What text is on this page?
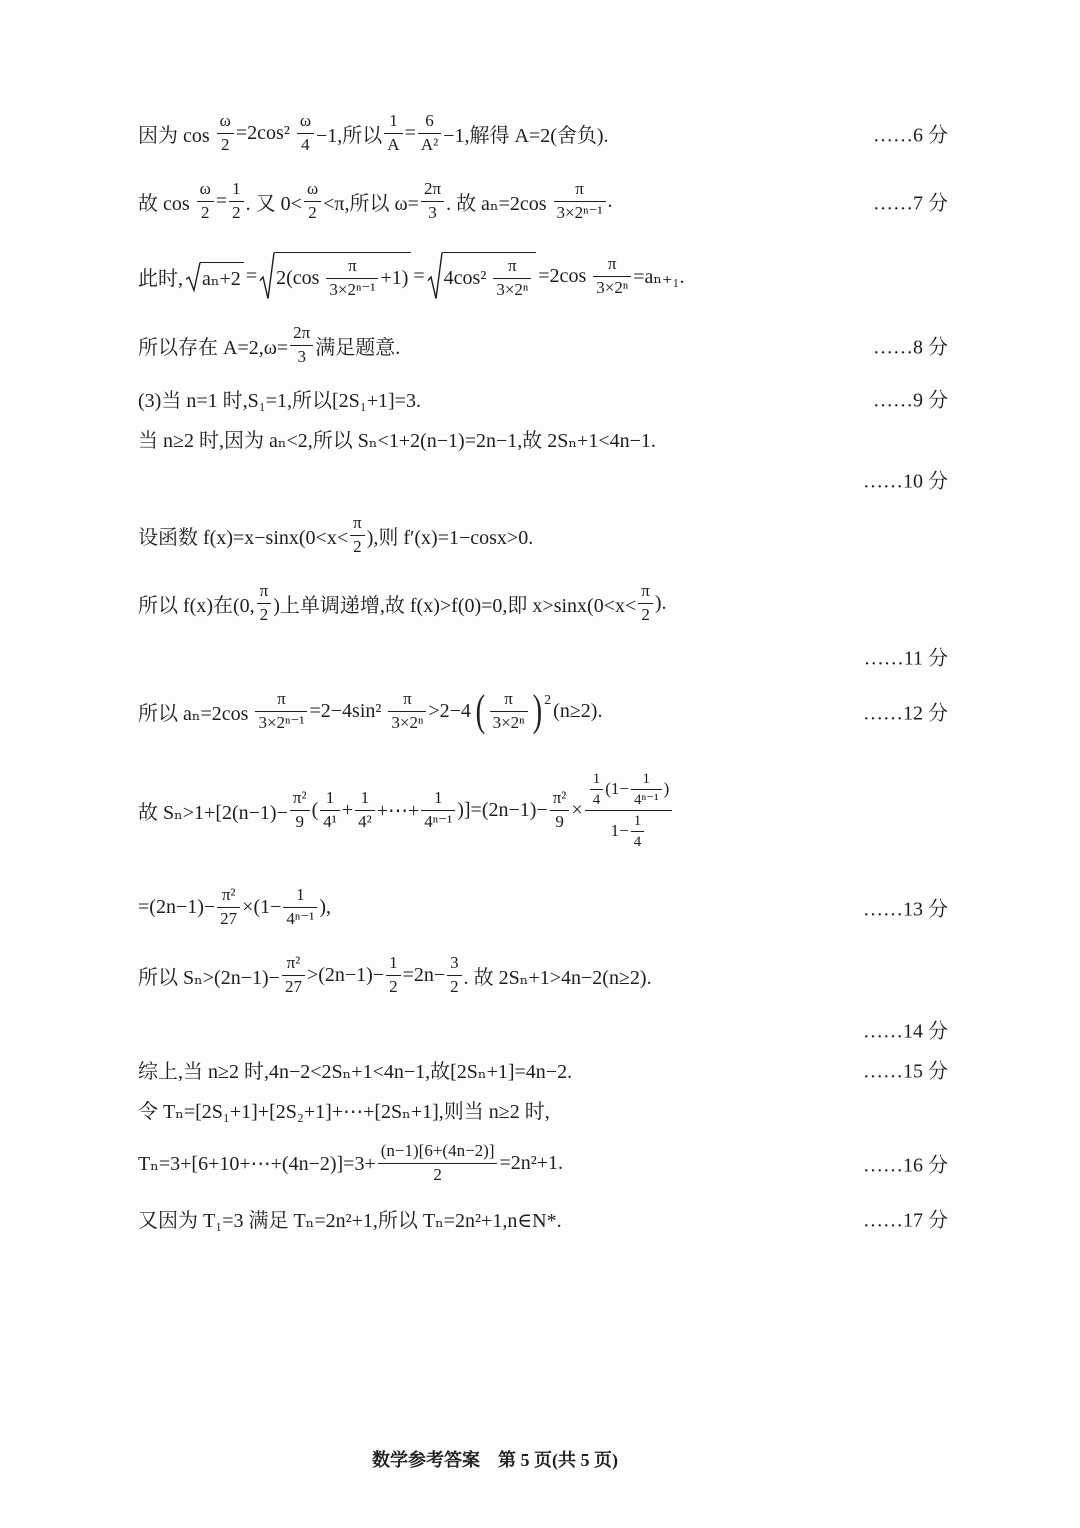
因为 $\cos \frac{\omega}{2} =2\cos^2 \frac{\omega}{4} -1$,所以 $\frac{1}{A} = \frac{6}{\text{A²}} -1$,解得 A=2(舍负).	……6 分
故 $\cos \frac{\omega}{2} = \frac{1}{2}$ . 又 $0< \frac{\omega}{2} <\pi$,所以 $\omega= \frac{2\pi}{3}$ . 故 $a_n=2\cos \frac{\pi}{\text{3×2ⁿ⁻¹}}$ .	……7 分
此时, $a_n+2 = 2(\cos \frac{\pi}{\text{3×2ⁿ⁻¹}} +1) = 4\cos^2 \frac{\pi}{\text{3×2ⁿ}} =2\cos \frac{\pi}{\text{3×2ⁿ}} =a_{n+1}$.
所以存在 $A=2,\omega= \frac{2\pi}{3}$ 满足题意.	……8 分
(3)当 n=1 时,S₁=1,所以[2S₁+1]=3.	……9 分
当 n≥2 时,因为 aₙ<2,所以 Sₙ<1+2(n−1)=2n−1,故 2Sₙ+1<4n−1.
……10 分
设函数 $f(x)=x-\sin x(0<x< \frac{\pi}{2}$ ),则 f′(x)=1−cosx>0.
所以 f(x)在(0, $\frac{\pi}{2}$ )上单调递增,故 f(x)>f(0)=0,即 $x>\sin x(0<x< \frac{\pi}{2}$ ).
……11 分
所以 $a_n=2\cos \frac{\pi}{\text{3×2ⁿ⁻¹}} =2-4\sin^2 \frac{\pi}{\text{3×2ⁿ}} >2-4$ ( $\frac{\pi}{\text{3×2ⁿ}}$ ) 2 (n≥2).	……12 分
故 $S_n>1+[2(n-1)- \frac{\text{π²}}{9}$ ( $\frac{1}{\text{4¹}} + \frac{1}{\text{4²}}$ +⋯+ $\frac{1}{\text{4ⁿ⁻¹}} )]=(2n-1)- \frac{\text{π²}}{9} \times \frac{\frac{1}{4} (1- \frac{1}{\text{4ⁿ⁻¹}} )}{1- \frac{1}{4}}$
$=(2n-1)- \frac{\text{π²}}{27} \times(1- \frac{1}{\text{4ⁿ⁻¹}}$ ),	……13 分
所以 $S_n>(2n-1)- \frac{\text{π²}}{27} >(2n-1)- \frac{1}{2} =2n- \frac{3}{2}$ . 故 2Sₙ+1>4n−2(n≥2).
……14 分
综上,当 n≥2 时,4n−2<2Sₙ+1<4n−1,故[2Sₙ+1]=4n−2.	……15 分
令 Tₙ=[2S₁+1]+[2S₂+1]+⋯+[2Sₙ+1],则当 n≥2 时,
Tₙ=3+[6+10+⋯+(4n−2)]=3+ $\frac{(n-1)[6+(4n-2)]}{2} =2n^2+1$.	……16 分
又因为 T₁=3 满足 Tₙ=2n²+1,所以 Tₙ=2n²+1,n∈N*.	……17 分
数学参考答案　第 5 页(共 5 页)
